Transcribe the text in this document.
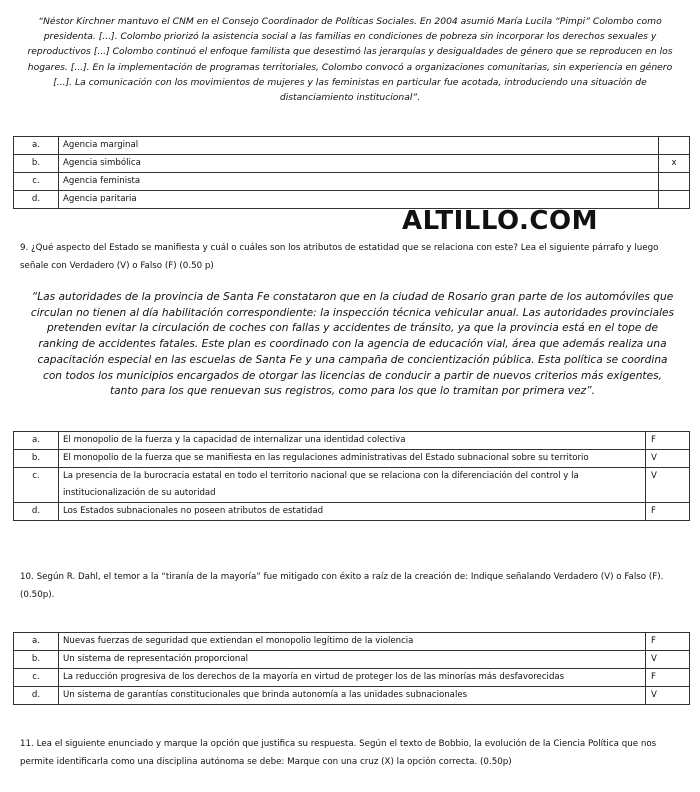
“Néstor Kirchner mantuvo el CNM en el Consejo Coordinador de Políticas Sociales. En 2004 asumió María Lucila “Pimpi” Colombo como presidenta. [...]. Colombo priorizó la asistencia social a las familias en condiciones de pobreza sin incorporar los derechos sexuales y reproductivos [...] Colombo continuó el enfoque familista que desestimó las jerarquías y desigualdades de género que se reproducen en los hogares. [...]. En la implementación de programas territoriales, Colombo convocó a organizaciones comunitarias, sin experiencia en género [...]. La comunicación con los movimientos de mujeres y las feministas en particular fue acotada, introduciendo una situación de distanciamiento institucional”.
a.	Agencia marginal	
b.	Agencia simbólica	x
c.	Agencia feminista	
d.	Agencia paritaria	
ALTILLO.COM
9. ¿Qué aspecto del Estado se manifiesta y cuál o cuáles son los atributos de estatidad que se relaciona con este? Lea el siguiente párrafo y luego señale con Verdadero (V) o Falso (F) (0.50 p)
“Las autoridades de la provincia de Santa Fe constataron que en la ciudad de Rosario gran parte de los automóviles que circulan no tienen al día habilitación correspondiente: la inspección técnica vehicular anual. Las autoridades provinciales pretenden evitar la circulación de coches con fallas y accidentes de tránsito, ya que la provincia está en el tope de ranking de accidentes fatales. Este plan es coordinado con la agencia de educación vial, área que además realiza una capacitación especial en las escuelas de Santa Fe y una campaña de concientización pública. Esta política se coordina con todos los municipios encargados de otorgar las licencias de conducir a partir de nuevos criterios más exigentes, tanto para los que renuevan sus registros, como para los que lo tramitan por primera vez”.
a.	El monopolio de la fuerza y la capacidad de internalizar una identidad colectiva	F
b.	El monopolio de la fuerza que se manifiesta en las regulaciones administrativas del Estado subnacional sobre su territorio	V
c.	La presencia de la burocracia estatal en todo el territorio nacional que se relaciona con la diferenciación del control y la institucionalización de su autoridad	V
d.	Los Estados subnacionales no poseen atributos de estatidad	F
10. Según R. Dahl, el temor a la “tiranía de la mayoría” fue mitigado con éxito a raíz de la creación de: Indique señalando Verdadero (V) o Falso (F). (0.50p).
a.	Nuevas fuerzas de seguridad que extiendan el monopolio legítimo de la violencia	F
b.	Un sistema de representación proporcional	V
c.	La reducción progresiva de los derechos de la mayoría en virtud de proteger los de las minorías más desfavorecidas	F
d.	Un sistema de garantías constitucionales que brinda autonomía a las unidades subnacionales	V
11. Lea el siguiente enunciado y marque la opción que justifica su respuesta. Según el texto de Bobbio, la evolución de la Ciencia Política que nos permite identificarla como una disciplina autónoma se debe: Marque con una cruz (X) la opción correcta. (0.50p)
